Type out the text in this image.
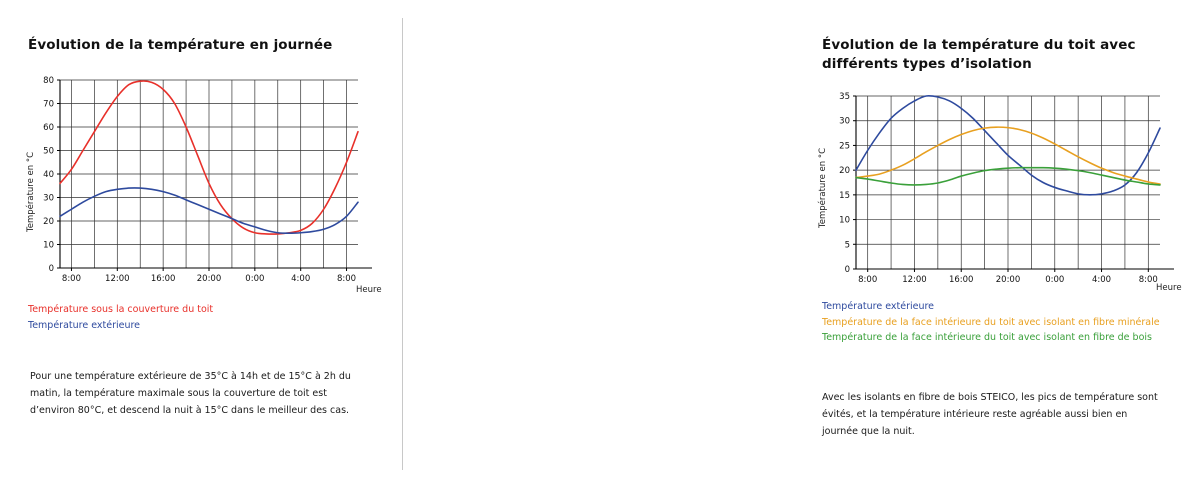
Évolution de la température en journée
Température en °C
Heure
0
10
20
30
40
50
60
70
80
8:00	12:00	16:00	20:00	0:00	4:00	8:00
Température sous la couverture du toit
Température extérieure
Pour une température extérieure de 35°C à 14h et de 15°C à 2h du matin, la température maximale sous la couverture de toit est d’environ 80°C, et descend la nuit à 15°C dans le meilleur des cas.
Évolution de la température du toit avec différents types d’isolation
Température en °C
Heure
0
5
10
15
20
25
30
35
8:00	12:00	16:00	20:00	0:00	4:00	8:00
Température extérieure
Température de la face intérieure du toit avec isolant en fibre minérale
Température de la face intérieure du toit avec isolant en fibre de bois
Avec les isolants en fibre de bois STEICO, les pics de température sont évités, et la température intérieure reste agréable aussi bien en journée que la nuit.
